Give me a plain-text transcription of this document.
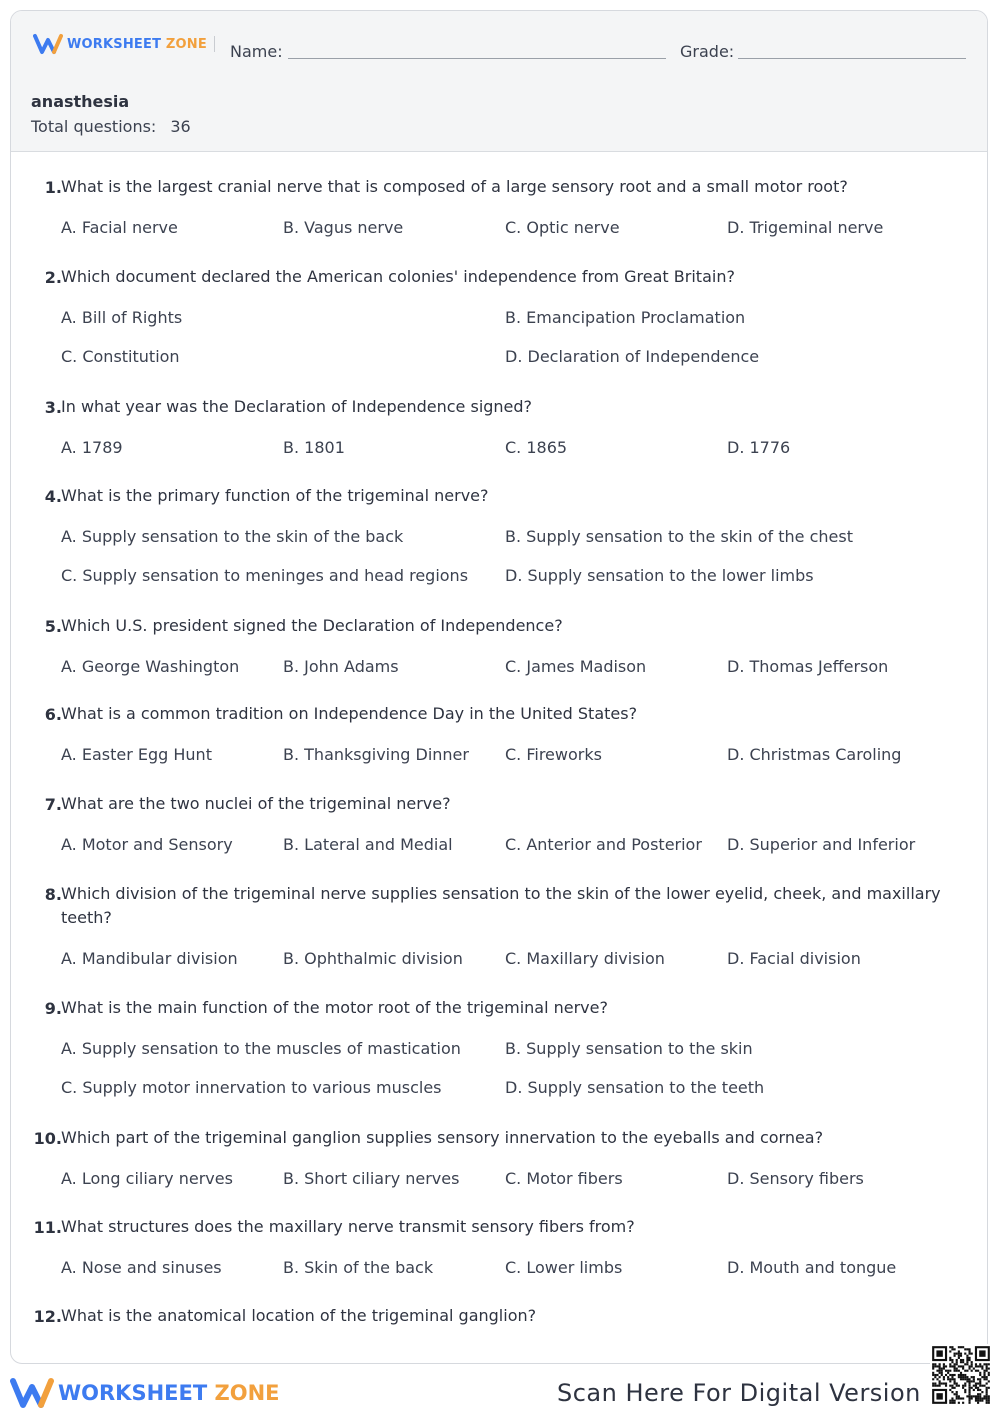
WORKSHEET ZONE Name:	Grade:
anasthesia
Total questions: 36
1. What is the largest cranial nerve that is composed of a large sensory root and a small motor root?
A. Facial nerve	B. Vagus nerve	C. Optic nerve	D. Trigeminal nerve
2. Which document declared the American colonies' independence from Great Britain?
A. Bill of Rights	B. Emancipation Proclamation
C. Constitution	D. Declaration of Independence
3. In what year was the Declaration of Independence signed?
A. 1789	B. 1801	C. 1865	D. 1776
4. What is the primary function of the trigeminal nerve?
A. Supply sensation to the skin of the back	B. Supply sensation to the skin of the chest
C. Supply sensation to meninges and head regions D. Supply sensation to the lower limbs
5. Which U.S. president signed the Declaration of Independence?
A. George Washington	B. John Adams	C. James Madison	D. Thomas Jefferson
6. What is a common tradition on Independence Day in the United States?
A. Easter Egg Hunt	B. Thanksgiving Dinner C. Fireworks	D. Christmas Caroling
7. What are the two nuclei of the trigeminal nerve?
A. Motor and Sensory	B. Lateral and Medial	C. Anterior and Posterior D. Superior and Inferior
8. Which division of the trigeminal nerve supplies sensation to the skin of the lower eyelid, cheek, and maxillary teeth?
A. Mandibular division	B. Ophthalmic division	C. Maxillary division	D. Facial division
9. What is the main function of the motor root of the trigeminal nerve?
A. Supply sensation to the muscles of mastication	B. Supply sensation to the skin
C. Supply motor innervation to various muscles	D. Supply sensation to the teeth
10. Which part of the trigeminal ganglion supplies sensory innervation to the eyeballs and cornea?
A. Long ciliary nerves	B. Short ciliary nerves	C. Motor fibers	D. Sensory fibers
11. What structures does the maxillary nerve transmit sensory fibers from?
A. Nose and sinuses	B. Skin of the back	C. Lower limbs	D. Mouth and tongue
12. What is the anatomical location of the trigeminal ganglion?
WORKSHEET ZONE	Scan Here For Digital Version
